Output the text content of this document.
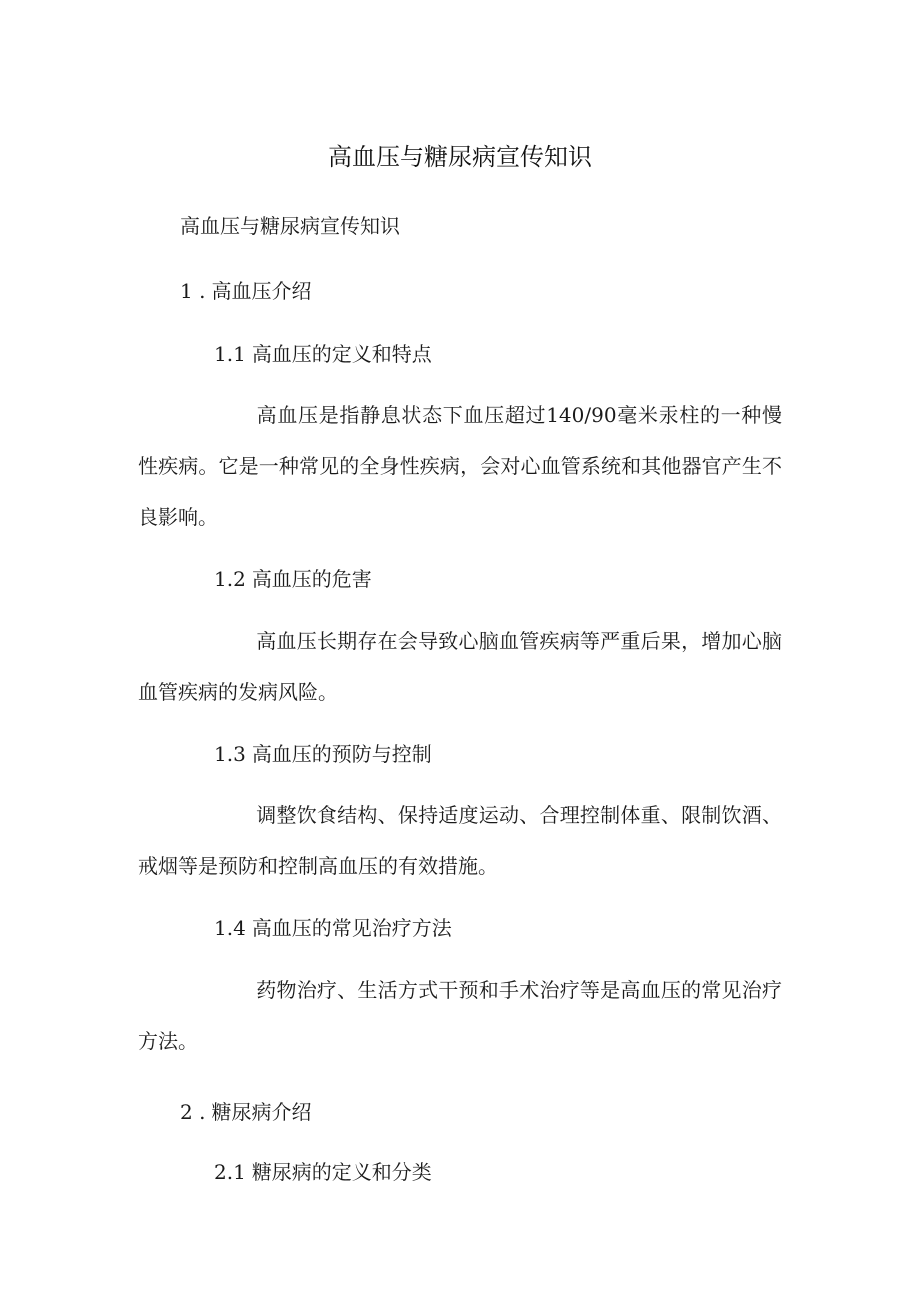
高血压与糖尿病宣传知识
高血压与糖尿病宣传知识
1 . 高血压介绍
1.1 高血压的定义和特点
高血压是指静息状态下血压超过140/90毫米汞柱的一种慢性疾病。它是一种常见的全身性疾病，会对心血管系统和其他器官产生不良影响。
1.2 高血压的危害
高血压长期存在会导致心脑血管疾病等严重后果，增加心脑血管疾病的发病风险。
1.3 高血压的预防与控制
调整饮食结构、保持适度运动、合理控制体重、限制饮酒、戒烟等是预防和控制高血压的有效措施。
1.4 高血压的常见治疗方法
药物治疗、生活方式干预和手术治疗等是高血压的常见治疗方法。
2 . 糖尿病介绍
2.1 糖尿病的定义和分类
